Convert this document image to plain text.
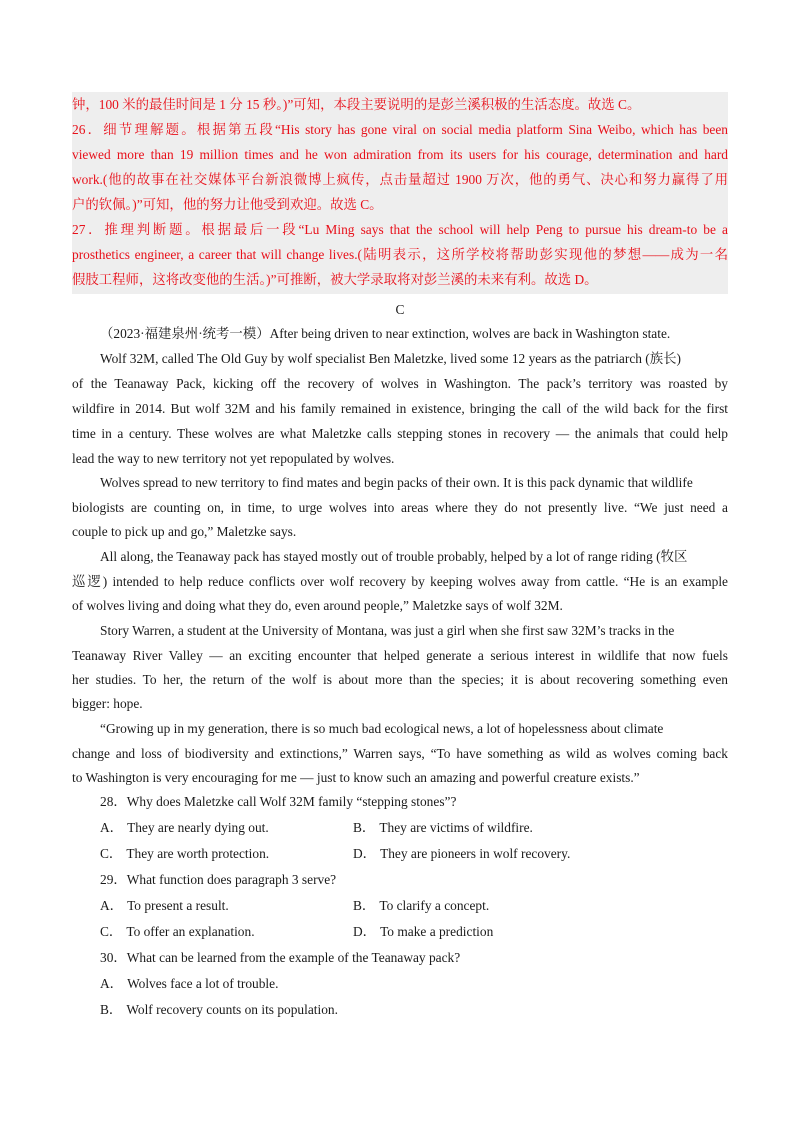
钟，100 米的最佳时间是 1 分 15 秒。)”可知，本段主要说明的是彭兰溪积极的生活态度。故选 C。
26．细节理解题。根据第五段“His story has gone viral on social media platform Sina Weibo, which has been
viewed more than 19 million times and he won admiration from its users for his courage, determination and hard
work.(他的故事在社交媒体平台新浪微博上疯传，点击量超过 1900 万次，他的勇气、决心和努力赢得了用
户的钦佩。)”可知，他的努力让他受到欢迎。故选 C。
27．推理判断题。根据最后一段“Lu Ming says that the school will help Peng to pursue his dream-to be a
prosthetics engineer, a career that will change lives.(陆明表示，这所学校将帮助彭实现他的梦想——成为一名
假肢工程师，这将改变他的生活。)”可推断，被大学录取将对彭兰溪的未来有利。故选 D。
C
（2023·福建泉州·统考一模）After being driven to near extinction, wolves are back in Washington state.
Wolf 32M, called The Old Guy by wolf specialist Ben Maletzke, lived some 12 years as the patriarch (族长)
of the Teanaway Pack, kicking off the recovery of wolves in Washington. The pack’s territory was roasted by
wildfire in 2014. But wolf 32M and his family remained in existence, bringing the call of the wild back for the first
time in a century. These wolves are what Maletzke calls stepping stones in recovery — the animals that could help
lead the way to new territory not yet repopulated by wolves.
Wolves spread to new territory to find mates and begin packs of their own. It is this pack dynamic that wildlife
biologists are counting on, in time, to urge wolves into areas where they do not presently live. “We just need a
couple to pick up and go,” Maletzke says.
All along, the Teanaway pack has stayed mostly out of trouble probably, helped by a lot of range riding (牧区
巡逻) intended to help reduce conflicts over wolf recovery by keeping wolves away from cattle. “He is an example
of wolves living and doing what they do, even around people,” Maletzke says of wolf 32M.
Story Warren, a student at the University of Montana, was just a girl when she first saw 32M’s tracks in the
Teanaway River Valley — an exciting encounter that helped generate a serious interest in wildlife that now fuels
her studies. To her, the return of the wolf is about more than the species; it is about recovering something even
bigger: hope.
“Growing up in my generation, there is so much bad ecological news, a lot of hopelessness about climate
change and loss of biodiversity and extinctions,” Warren says, “To have something as wild as wolves coming back
to Washington is very encouraging for me — just to know such an amazing and powerful creature exists.”
28．Why does Maletzke call Wolf 32M family “stepping stones”?
A． They are nearly dying out.	B． They are victims of wildfire.
C． They are worth protection.	D． They are pioneers in wolf recovery.
29．What function does paragraph 3 serve?
A． To present a result.	B． To clarify a concept.
C． To offer an explanation.	D． To make a prediction
30．What can be learned from the example of the Teanaway pack?
A． Wolves face a lot of trouble.
B． Wolf recovery counts on its population.
